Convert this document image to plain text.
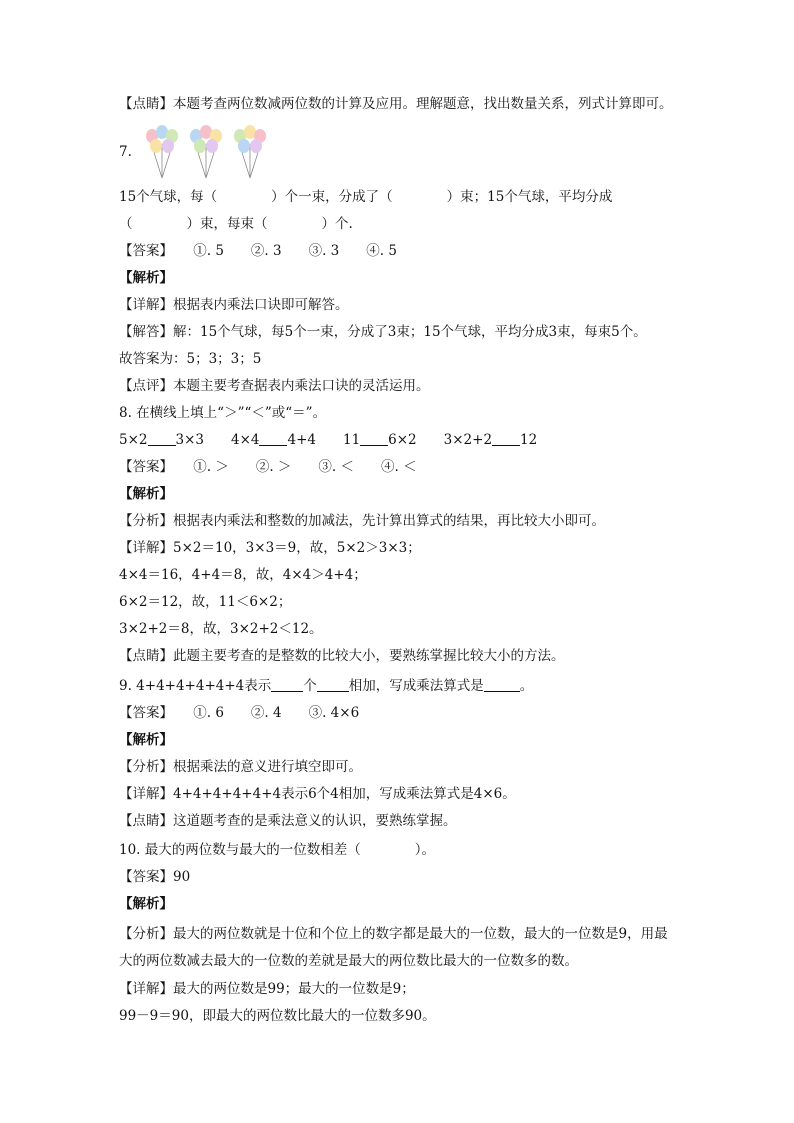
【点睛】本题考查两位数减两位数的计算及应用。理解题意，找出数量关系，列式计算即可。
7.
15个气球，每（　　　　）个一束，分成了（　　　　）束；15个气球，平均分成
（　　　　）束，每束（　　　　）个.
【答案】　　①. 5　　②. 3　　③. 3　　④. 5
【解析】
【详解】根据表内乘法口诀即可解答。
【解答】解：15个气球，每5个一束，分成了3束；15个气球，平均分成3束，每束5个。
故答案为：5；3；3；5
【点评】本题主要考查据表内乘法口诀的灵活运用。
8. 在横线上填上“＞”“＜”或“＝”。
5×2 3×3　　4×4 4+4　　11 6×2　　3×2+2 12
【答案】　　①. ＞　　②. ＞　　③. ＜　　④. ＜
【解析】
【分析】根据表内乘法和整数的加减法，先计算出算式的结果，再比较大小即可。
【详解】5×2＝10，3×3＝9，故，5×2＞3×3；
4×4＝16，4+4＝8，故，4×4＞4+4；
6×2＝12，故，11＜6×2；
3×2+2＝8，故，3×2+2＜12。
【点睛】此题主要考查的是整数的比较大小，要熟练掌握比较大小的方法。
9. 4+4+4+4+4+4表示 个 相加，写成乘法算式是	。
【答案】　　①. 6　　②. 4　　③. 4×6
【解析】
【分析】根据乘法的意义进行填空即可。
【详解】4+4+4+4+4+4表示6个4相加，写成乘法算式是4×6。
【点睛】这道题考查的是乘法意义的认识，要熟练掌握。
10. 最大的两位数与最大的一位数相差（　　　　）。
【答案】90
【解析】
【分析】最大的两位数就是十位和个位上的数字都是最大的一位数，最大的一位数是9，用最大的两位数减去最大的一位数的差就是最大的两位数比最大的一位数多的数。
【详解】最大的两位数是99；最大的一位数是9；
99－9＝90，即最大的两位数比最大的一位数多90。
